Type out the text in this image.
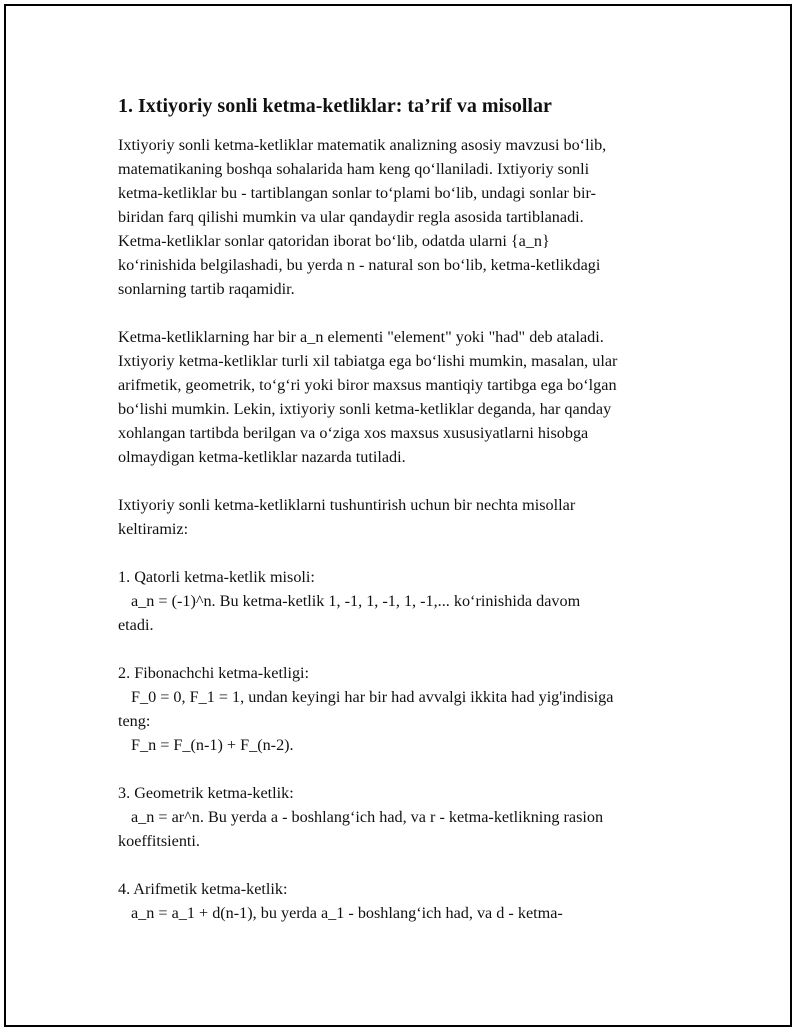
1. Ixtiyoriy sonli ketma-ketliklar: ta’rif va misollar

Ixtiyoriy sonli ketma-ketliklar matematik analizning asosiy mavzusi bo‘lib,

matematikaning boshqa sohalarida ham keng qo‘llaniladi. Ixtiyoriy sonli

ketma-ketliklar bu - tartiblangan sonlar to‘plami bo‘lib, undagi sonlar bir-

biridan farq qilishi mumkin va ular qandaydir regla asosida tartiblanadi.

Ketma-ketliklar sonlar qatoridan iborat bo‘lib, odatda ularni {a_n}

ko‘rinishida belgilashadi, bu yerda n - natural son bo‘lib, ketma-ketlikdagi

sonlarning tartib raqamidir.

Ketma-ketliklarning har bir a_n elementi "element" yoki "had" deb ataladi.

Ixtiyoriy ketma-ketliklar turli xil tabiatga ega bo‘lishi mumkin, masalan, ular

arifmetik, geometrik, to‘g‘ri yoki biror maxsus mantiqiy tartibga ega bo‘lgan

bo‘lishi mumkin. Lekin, ixtiyoriy sonli ketma-ketliklar deganda, har qanday

xohlangan tartibda berilgan va o‘ziga xos maxsus xususiyatlarni hisobga

olmaydigan ketma-ketliklar nazarda tutiladi.

Ixtiyoriy sonli ketma-ketliklarni tushuntirish uchun bir nechta misollar

keltiramiz:

1. Qatorli ketma-ketlik misoli:

a_n = (-1)^n. Bu ketma-ketlik 1, -1, 1, -1, 1, -1,... ko‘rinishida davom

etadi.

2. Fibonachchi ketma-ketligi:

F_0 = 0, F_1 = 1, undan keyingi har bir had avvalgi ikkita had yig'indisiga

teng:

F_n = F_(n-1) + F_(n-2).

3. Geometrik ketma-ketlik:

a_n = ar^n. Bu yerda a - boshlang‘ich had, va r - ketma-ketlikning rasion

koeffitsienti.

4. Arifmetik ketma-ketlik:

a_n = a_1 + d(n-1), bu yerda a_1 - boshlang‘ich had, va d - ketma-
